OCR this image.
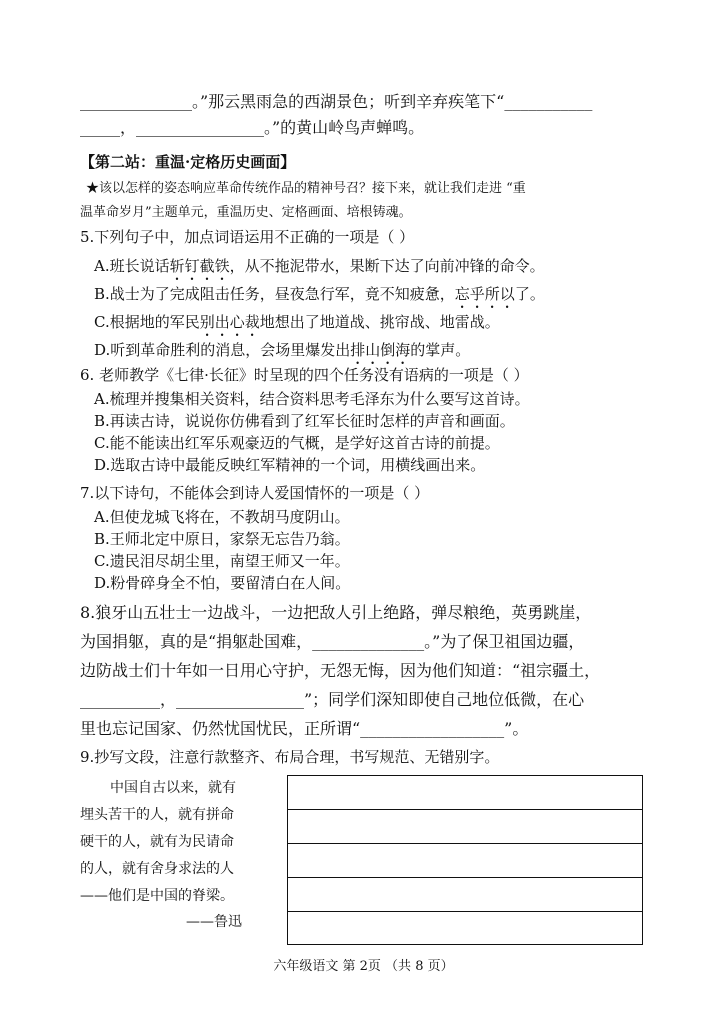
______________。”那云黑雨急的西湖景色；听到辛弃疾笔下“___________
_____，________________。”的黄山岭鸟声蝉鸣。
【第二站：重温·定格历史画面】
★该以怎样的姿态响应革命传统作品的精神号召？接下来，就让我们走进 “重
温革命岁月”主题单元，重温历史、定格画面、培根铸魂。
5.下列句子中，加点词语运用不正确的一项是（ ）
A.班长说话斩钉截铁，从不拖泥带水，果断下达了向前冲锋的命令。
B.战士为了完成阻击任务，昼夜急行军，竟不知疲惫，忘乎所以了。
C.根据地的军民别出心裁地想出了地道战、挑帘战、地雷战。
D.听到革命胜利的消息，会场里爆发出排山倒海的掌声。
6. 老师教学《七律·长征》时呈现的四个任务没有语病的一项是（ ）
A.梳理并搜集相关资料，结合资料思考毛泽东为什么要写这首诗。
B.再读古诗，说说你仿佛看到了红军长征时怎样的声音和画面。
C.能不能读出红军乐观豪迈的气概，是学好这首古诗的前提。
D.选取古诗中最能反映红军精神的一个词，用横线画出来。
7.以下诗句，不能体会到诗人爱国情怀的一项是（ ）
A.但使龙城飞将在，不教胡马度阴山。
B.王师北定中原日，家祭无忘告乃翁。
C.遗民泪尽胡尘里，南望王师又一年。
D.粉骨碎身全不怕，要留清白在人间。
8.狼牙山五壮士一边战斗，一边把敌人引上绝路，弹尽粮绝，英勇跳崖，
为国捐躯，真的是“捐躯赴国难，______________。”为了保卫祖国边疆，
边防战士们十年如一日用心守护，无怨无悔，因为他们知道：“祖宗疆土，
__________，________________”；同学们深知即使自己地位低微，在心
里也忘记国家、仍然忧国忧民，正所谓“__________________”。
9.抄写文段，注意行款整齐、布局合理，书写规范、无错别字。
中国自古以来，就有
埋头苦干的人，就有拼命
硬干的人，就有为民请命
的人，就有舍身求法的人
——他们是中国的脊梁。
——鲁迅
六年级语文 第 2页 （共 8 页）
